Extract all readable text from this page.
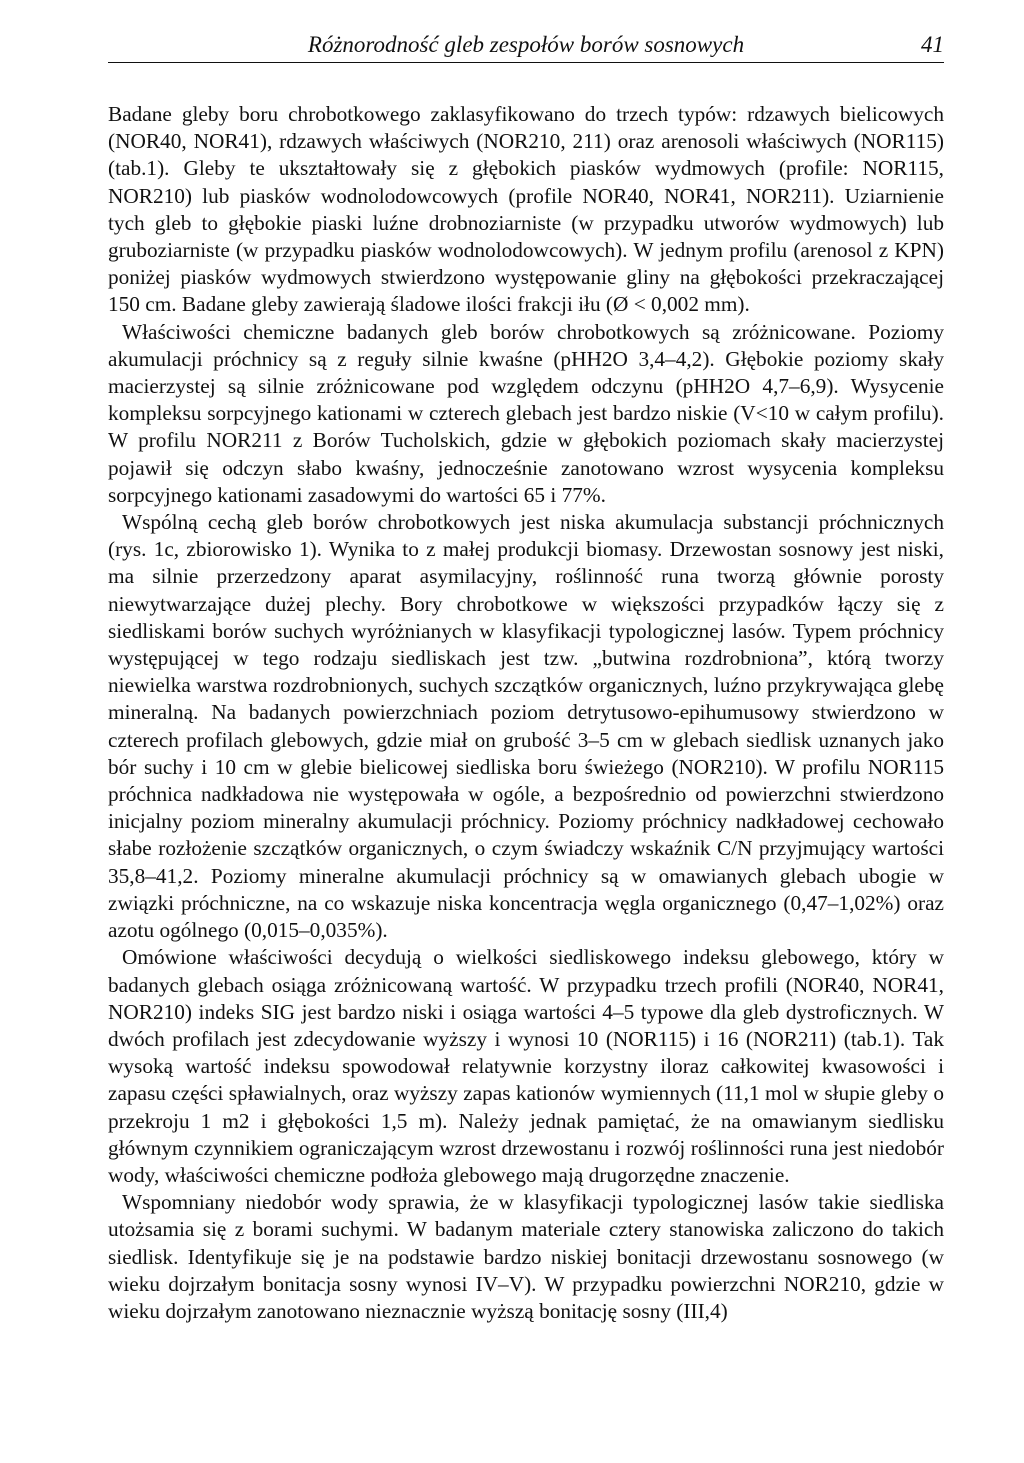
Różnorodność gleb zespołów borów sosnowych	41

Badane gleby boru chrobotkowego zaklasyfikowano do trzech typów: rdzawych bielicowych (NOR40, NOR41), rdzawych właściwych (NOR210, 211) oraz arenosoli właściwych (NOR115) (tab.1). Gleby te ukształtowały się z głębokich piasków wydmowych (profile: NOR115, NOR210) lub piasków wodnolodowcowych (profile NOR40, NOR41, NOR211). Uziarnienie tych gleb to głębokie piaski luźne drobnoziarniste (w przypadku utworów wydmowych) lub gruboziarniste (w przypadku piasków wodnolodowcowych). W jednym profilu (arenosol z KPN) poniżej piasków wydmowych stwierdzono występowanie gliny na głębokości przekraczającej 150 cm. Badane gleby zawierają śladowe ilości frakcji iłu (Ø < 0,002 mm).

Właściwości chemiczne badanych gleb borów chrobotkowych są zróżnicowane. Poziomy akumulacji próchnicy są z reguły silnie kwaśne (pHH2O 3,4–4,2). Głębokie poziomy skały macierzystej są silnie zróżnicowane pod względem odczynu (pHH2O 4,7–6,9). Wysycenie kompleksu sorpcyjnego kationami w czterech glebach jest bardzo niskie (V<10 w całym profilu). W profilu NOR211 z Borów Tucholskich, gdzie w głębokich poziomach skały macierzystej pojawił się odczyn słabo kwaśny, jednocześnie zanotowano wzrost wysycenia kompleksu sorpcyjnego kationami zasadowymi do wartości 65 i 77%.

Wspólną cechą gleb borów chrobotkowych jest niska akumulacja substancji próchnicznych (rys. 1c, zbiorowisko 1). Wynika to z małej produkcji biomasy. Drzewostan sosnowy jest niski, ma silnie przerzedzony aparat asymilacyjny, roślinność runa tworzą głównie porosty niewytwarzające dużej plechy. Bory chrobotkowe w większości przypadków łączy się z siedliskami borów suchych wyróżnianych w klasyfikacji typologicznej lasów. Typem próchnicy występującej w tego rodzaju siedliskach jest tzw. „butwina rozdrobniona”, którą tworzy niewielka warstwa rozdrobnionych, suchych szczątków organicznych, luźno przykrywająca glebę mineralną. Na badanych powierzchniach poziom detrytusowo-epihumusowy stwierdzono w czterech profilach glebowych, gdzie miał on grubość 3–5 cm w glebach siedlisk uznanych jako bór suchy i 10 cm w glebie bielicowej siedliska boru świeżego (NOR210). W profilu NOR115 próchnica nadkładowa nie występowała w ogóle, a bezpośrednio od powierzchni stwierdzono inicjalny poziom mineralny akumulacji próchnicy. Poziomy próchnicy nadkładowej cechowało słabe rozłożenie szczątków organicznych, o czym świadczy wskaźnik C/N przyjmujący wartości 35,8–41,2. Poziomy mineralne akumulacji próchnicy są w omawianych glebach ubogie w związki próchniczne, na co wskazuje niska koncentracja węgla organicznego (0,47–1,02%) oraz azotu ogólnego (0,015–0,035%).

Omówione właściwości decydują o wielkości siedliskowego indeksu glebowego, który w badanych glebach osiąga zróżnicowaną wartość. W przypadku trzech profili (NOR40, NOR41, NOR210) indeks SIG jest bardzo niski i osiąga wartości 4–5 typowe dla gleb dystroficznych. W dwóch profilach jest zdecydowanie wyższy i wynosi 10 (NOR115) i 16 (NOR211) (tab.1). Tak wysoką wartość indeksu spowodował relatywnie korzystny iloraz całkowitej kwasowości i zapasu części spławialnych, oraz wyższy zapas kationów wymiennych (11,1 mol w słupie gleby o przekroju 1 m2 i głębokości 1,5 m). Należy jednak pamiętać, że na omawianym siedlisku głównym czynnikiem ograniczającym wzrost drzewostanu i rozwój roślinności runa jest niedobór wody, właściwości chemiczne podłoża glebowego mają drugorzędne znaczenie.

Wspomniany niedobór wody sprawia, że w klasyfikacji typologicznej lasów takie siedliska utożsamia się z borami suchymi. W badanym materiale cztery stanowiska zaliczono do takich siedlisk. Identyfikuje się je na podstawie bardzo niskiej bonitacji drzewostanu sosnowego (w wieku dojrzałym bonitacja sosny wynosi IV–V). W przypadku powierzchni NOR210, gdzie w wieku dojrzałym zanotowano nieznacznie wyższą bonitację sosny (III,4)
